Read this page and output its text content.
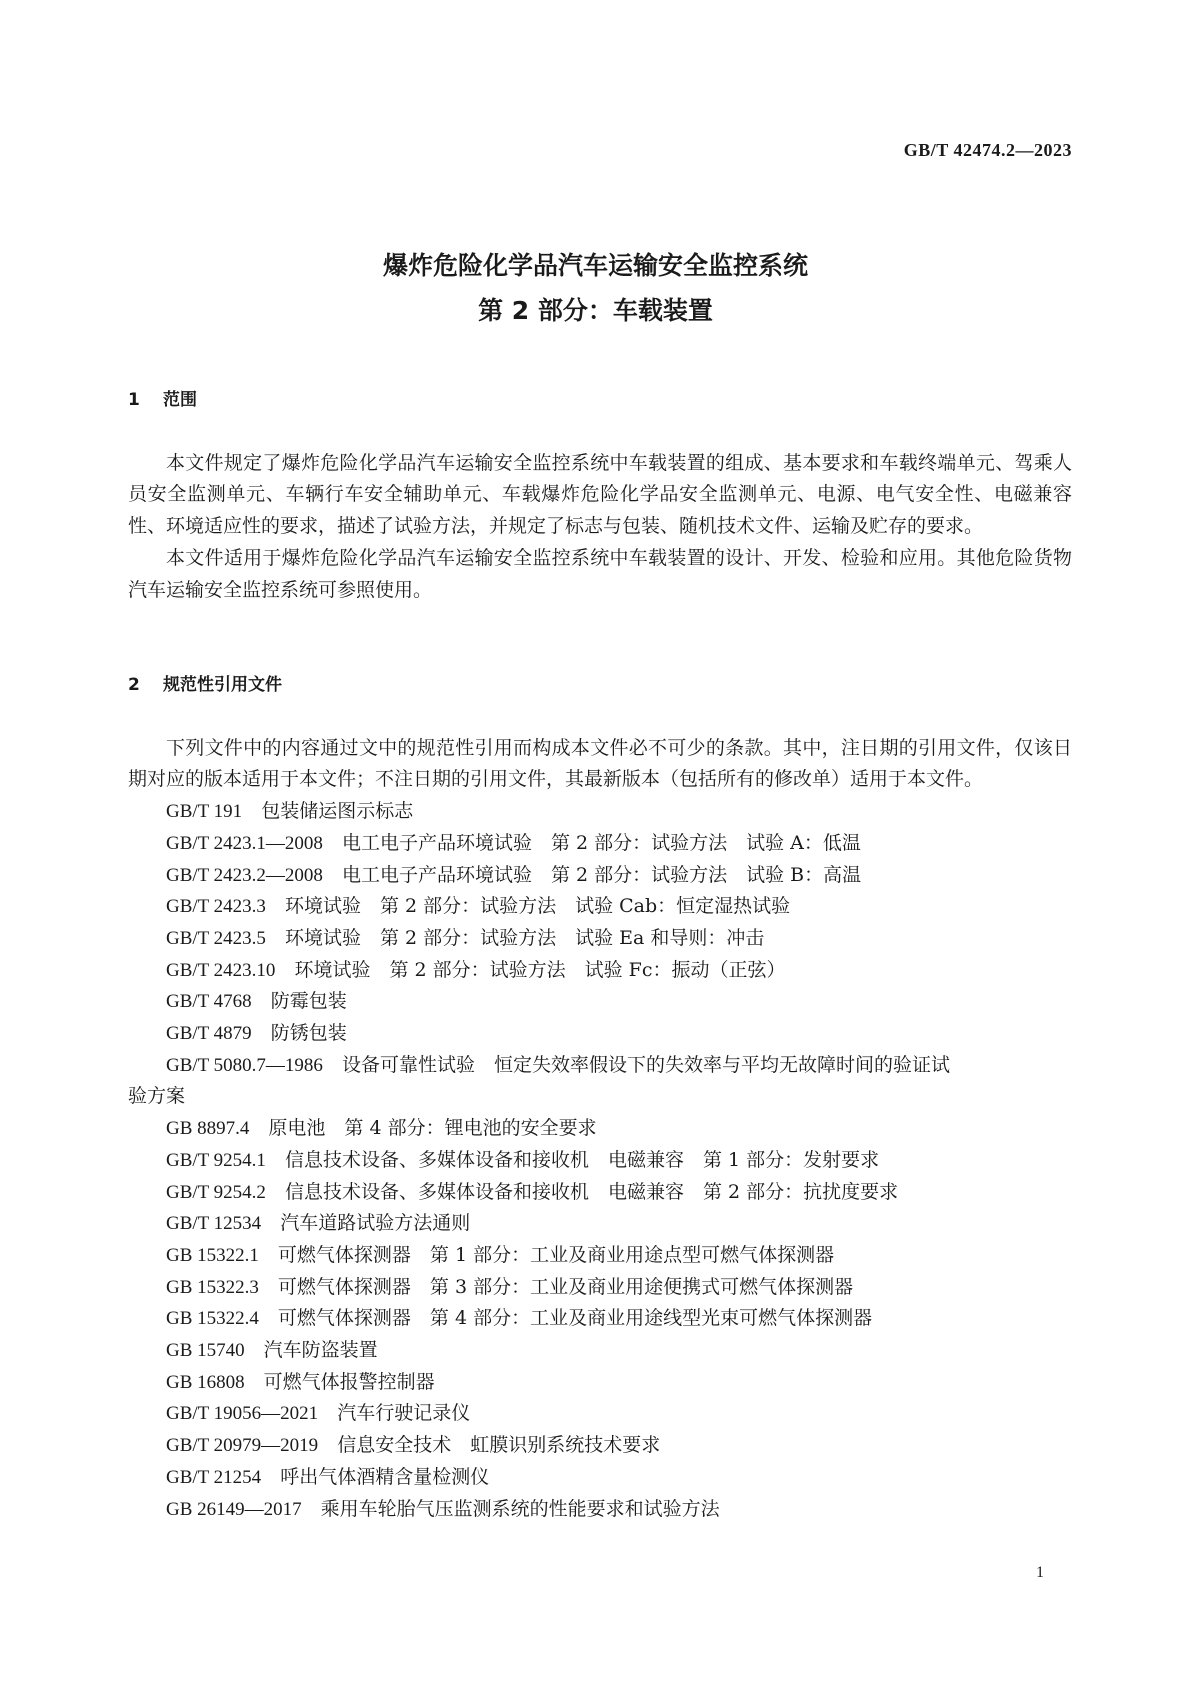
GB/T 42474.2—2023
爆炸危险化学品汽车运输安全监控系统
第 2 部分：车载装置
1 范围

本文件规定了爆炸危险化学品汽车运输安全监控系统中车载装置的组成、基本要求和车载终端单元、驾乘人员安全监测单元、车辆行车安全辅助单元、车载爆炸危险化学品安全监测单元、电源、电气安全性、电磁兼容性、环境适应性的要求，描述了试验方法，并规定了标志与包装、随机技术文件、运输及贮存的要求。

本文件适用于爆炸危险化学品汽车运输安全监控系统中车载装置的设计、开发、检验和应用。其他危险货物汽车运输安全监控系统可参照使用。

2 规范性引用文件

下列文件中的内容通过文中的规范性引用而构成本文件必不可少的条款。其中，注日期的引用文件，仅该日期对应的版本适用于本文件；不注日期的引用文件，其最新版本（包括所有的修改单）适用于本文件。

GB/T 191 包装储运图示标志
GB/T 2423.1—2008 电工电子产品环境试验　第 2 部分：试验方法　试验 A：低温
GB/T 2423.2—2008 电工电子产品环境试验　第 2 部分：试验方法　试验 B：高温
GB/T 2423.3 环境试验　第 2 部分：试验方法　试验 Cab：恒定湿热试验
GB/T 2423.5 环境试验　第 2 部分：试验方法　试验 Ea 和导则：冲击
GB/T 2423.10 环境试验　第 2 部分：试验方法　试验 Fc：振动（正弦）
GB/T 4768 防霉包装
GB/T 4879 防锈包装
GB/T 5080.7—1986 设备可靠性试验　恒定失效率假设下的失效率与平均无故障时间的验证试
验方案
GB 8897.4 原电池　第 4 部分：锂电池的安全要求
GB/T 9254.1 信息技术设备、多媒体设备和接收机　电磁兼容　第 1 部分：发射要求
GB/T 9254.2 信息技术设备、多媒体设备和接收机　电磁兼容　第 2 部分：抗扰度要求
GB/T 12534 汽车道路试验方法通则
GB 15322.1 可燃气体探测器　第 1 部分：工业及商业用途点型可燃气体探测器
GB 15322.3 可燃气体探测器　第 3 部分：工业及商业用途便携式可燃气体探测器
GB 15322.4 可燃气体探测器　第 4 部分：工业及商业用途线型光束可燃气体探测器
GB 15740 汽车防盗装置
GB 16808 可燃气体报警控制器
GB/T 19056—2021 汽车行驶记录仪
GB/T 20979—2019 信息安全技术　虹膜识别系统技术要求
GB/T 21254 呼出气体酒精含量检测仪
GB 26149—2017 乘用车轮胎气压监测系统的性能要求和试验方法
1
